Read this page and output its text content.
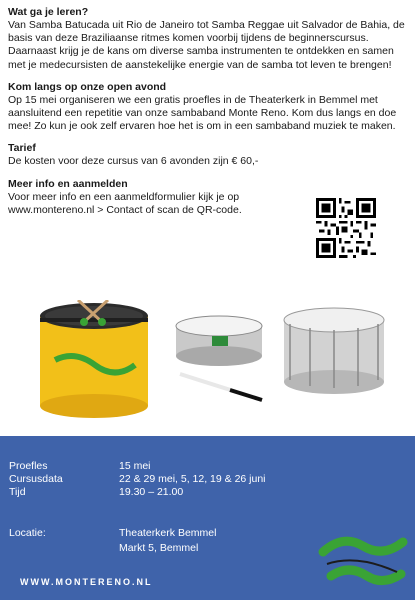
Wat ga je leren?

Van Samba Batucada uit Rio de Janeiro tot Samba Reggae uit Salvador de Bahia, de basis van deze Braziliaanse ritmes komen voorbij tijdens de beginnerscursus. Daarnaast krijg je de kans om diverse samba instrumenten te ontdekken en samen met je medecursisten de aanstekelijke energie van de samba tot leven te brengen!

Kom langs op onze open avond

Op 15 mei organiseren we een gratis proefles in de Theaterkerk in Bemmel met aansluitend een repetitie van onze sambaband Monte Reno. Kom dus langs en doe mee! Zo kun je ook zelf ervaren hoe het is om in een sambaband muziek te maken.

Tarief

De kosten voor deze cursus van 6 avonden zijn € 60,-

Meer info en aanmelden

Voor meer info en een aanmeldformulier kijk je op www.montereno.nl > Contact of scan de QR-code.

Proefles	15 mei
Cursusdata	22 & 29 mei, 5, 12, 19 & 26 juni
Tijd	19.30 – 21.00
Locatie:	Theaterkerk Bemmel
Markt 5, Bemmel
WWW.MONTERENO.NL
